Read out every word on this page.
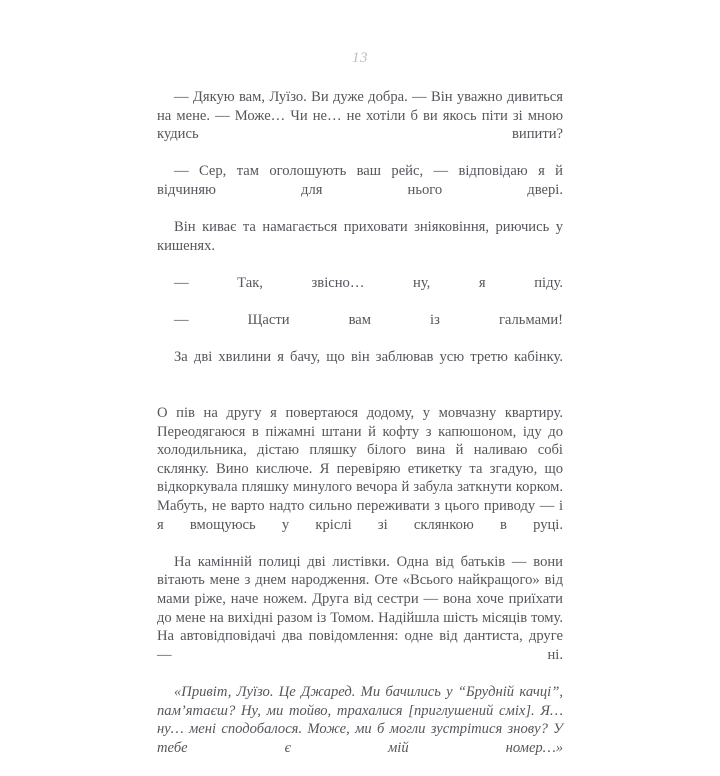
13

— Дякую вам, Луїзо. Ви дуже добра. — Він уважно дивиться на мене. — Може… Чи не… не хотіли б ви якось піти зі мною кудись випити?

— Сер, там оголошують ваш рейс, — відповідаю я й відчиняю для нього двері.

Він киває та намагається приховати зніяковіння, риючись у кишенях.

— Так, звісно… ну, я піду.

— Щасти вам із гальмами!

За дві хвилини я бачу, що він заблював усю третю кабінку.

О пів на другу я повертаюся додому, у мовчазну квартиру. Переодягаюся в піжамні штани й кофту з капюшоном, іду до холодильника, дістаю пляшку білого вина й наливаю собі склянку. Вино кислюче. Я перевіряю етикетку та згадую, що відкоркувала пляшку минулого вечора й забула заткнути корком. Мабуть, не варто надто сильно переживати з цього приводу — і я вмощуюсь у кріслі зі склянкою в руці.

На камінній полиці дві листівки. Одна від батьків — вони вітають мене з днем народження. Оте «Всього найкращого» від мами ріже, наче ножем. Друга від сестри — вона хоче приїхати до мене на вихідні разом із Томом. Надійшла шість місяців тому. На автовідповідачі два повідомлення: одне від дантиста, друге — ні.

«Привіт, Луїзо. Це Джаред. Ми бачились у “Брудній качці”, пам’ятаєш? Ну, ми тойво, трахалися [приглушений сміх]. Я… ну… мені сподобалося. Може, ми б могли зустрітися знову? У тебе є мій номер…»
